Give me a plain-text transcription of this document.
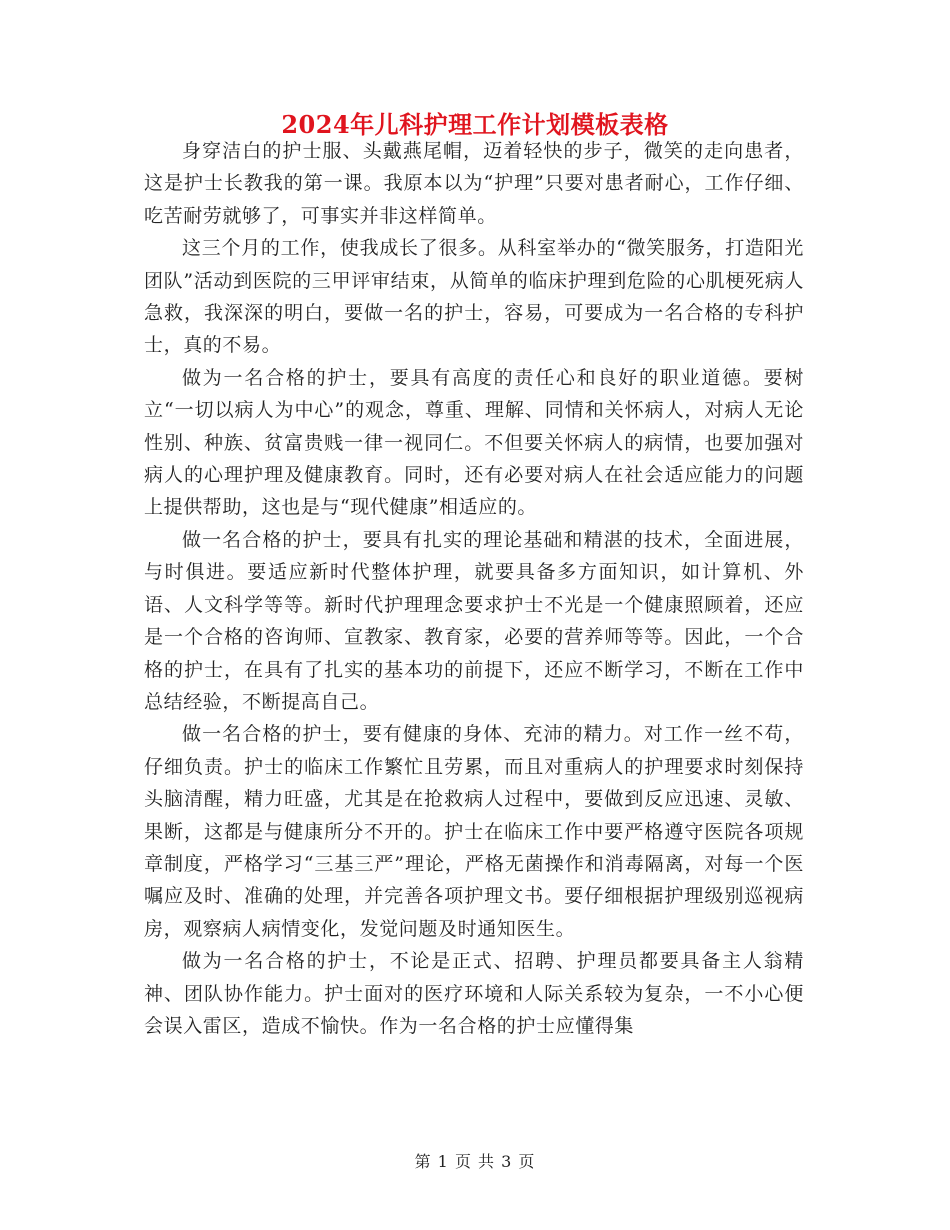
2024年儿科护理工作计划模板表格

身穿洁白的护士服、头戴燕尾帽，迈着轻快的步子，微笑的走向患者，这是护士长教我的第一课。我原本以为“护理”只要对患者耐心，工作仔细、吃苦耐劳就够了，可事实并非这样简单。

这三个月的工作，使我成长了很多。从科室举办的“微笑服务，打造阳光团队”活动到医院的三甲评审结束，从简单的临床护理到危险的心肌梗死病人急救，我深深的明白，要做一名的护士，容易，可要成为一名合格的专科护士，真的不易。

做为一名合格的护士，要具有高度的责任心和良好的职业道德。要树立“一切以病人为中心”的观念，尊重、理解、同情和关怀病人，对病人无论性别、种族、贫富贵贱一律一视同仁。不但要关怀病人的病情，也要加强对病人的心理护理及健康教育。同时，还有必要对病人在社会适应能力的问题上提供帮助，这也是与“现代健康”相适应的。

做一名合格的护士，要具有扎实的理论基础和精湛的技术，全面进展，与时俱进。要适应新时代整体护理，就要具备多方面知识，如计算机、外语、人文科学等等。新时代护理理念要求护士不光是一个健康照顾着，还应是一个合格的咨询师、宣教家、教育家，必要的营养师等等。因此，一个合格的护士，在具有了扎实的基本功的前提下，还应不断学习，不断在工作中总结经验，不断提高自己。

做一名合格的护士，要有健康的身体、充沛的精力。对工作一丝不苟，仔细负责。护士的临床工作繁忙且劳累，而且对重病人的护理要求时刻保持头脑清醒，精力旺盛，尤其是在抢救病人过程中，要做到反应迅速、灵敏、果断，这都是与健康所分不开的。护士在临床工作中要严格遵守医院各项规章制度，严格学习“三基三严”理论，严格无菌操作和消毒隔离，对每一个医嘱应及时、准确的处理，并完善各项护理文书。要仔细根据护理级别巡视病房，观察病人病情变化，发觉问题及时通知医生。

做为一名合格的护士，不论是正式、招聘、护理员都要具备主人翁精神、团队协作能力。护士面对的医疗环境和人际关系较为复杂，一不小心便会误入雷区，造成不愉快。作为一名合格的护士应懂得集

第 1 页 共 3 页
